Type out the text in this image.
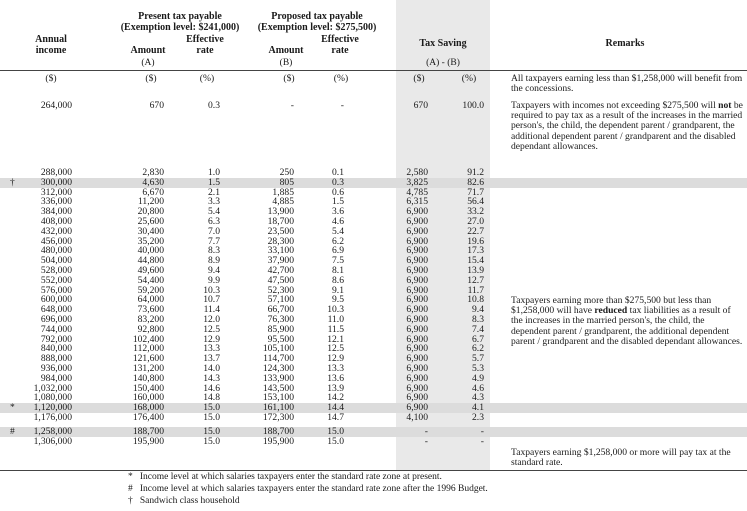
Annual
income
Present tax payable
(Exemption level: $241,000)
Proposed tax payable
(Exemption level: $275,500)
Amount
Effective
rate
(A)
Amount
Effective
rate
(B)
Tax Saving
(A) - (B)
Remarks
($)	($)	(%)	($)	(%)	($)	(%)
264,000	670	0.3	-	-	670	100.0
288,000	2,830	1.0	250	0.1	2,580	91.2
†	300,000	4,630	1.5	805	0.3	3,825	82.6
312,000	6,670	2.1	1,885	0.6	4,785	71.7
336,000	11,200	3.3	4,885	1.5	6,315	56.4
384,000	20,800	5.4	13,900	3.6	6,900	33.2
408,000	25,600	6.3	18,700	4.6	6,900	27.0
432,000	30,400	7.0	23,500	5.4	6,900	22.7
456,000	35,200	7.7	28,300	6.2	6,900	19.6
480,000	40,000	8.3	33,100	6.9	6,900	17.3
504,000	44,800	8.9	37,900	7.5	6,900	15.4
528,000	49,600	9.4	42,700	8.1	6,900	13.9
552,000	54,400	9.9	47,500	8.6	6,900	12.7
576,000	59,200	10.3	52,300	9.1	6,900	11.7
600,000	64,000	10.7	57,100	9.5	6,900	10.8
648,000	73,600	11.4	66,700	10.3	6,900	9.4
696,000	83,200	12.0	76,300	11.0	6,900	8.3
744,000	92,800	12.5	85,900	11.5	6,900	7.4
792,000	102,400	12.9	95,500	12.1	6,900	6.7
840,000	112,000	13.3	105,100	12.5	6,900	6.2
888,000	121,600	13.7	114,700	12.9	6,900	5.7
936,000	131,200	14.0	124,300	13.3	6,900	5.3
984,000	140,800	14.3	133,900	13.6	6,900	4.9
1,032,000	150,400	14.6	143,500	13.9	6,900	4.6
1,080,000	160,000	14.8	153,100	14.2	6,900	4.3
*	1,120,000	168,000	15.0	161,100	14.4	6,900	4.1
1,176,000	176,400	15.0	172,300	14.7	4,100	2.3
#	1,258,000	188,700	15.0	188,700	15.0	-	-
1,306,000	195,900	15.0	195,900	15.0	-	-
All taxpayers earning less than $1,258,000 will benefit from the concessions.
Taxpayers with incomes not exceeding $275,500 will not be required to pay tax as a result of the increases in the married person's, the child, the dependent parent / grandparent, the additional dependent parent / grandparent and the disabled dependant allowances.
Taxpayers earning more than $275,500 but less than $1,258,000 will have reduced tax liabilities as a result of the increases in the married person's, the child, the dependent parent / grandparent, the additional dependent parent / grandparent and the disabled dependant allowances.
Taxpayers earning $1,258,000 or more will pay tax at the standard rate.
* Income level at which salaries taxpayers enter the standard rate zone at present.
# Income level at which salaries taxpayers enter the standard rate zone after the 1996 Budget.
† Sandwich class household
